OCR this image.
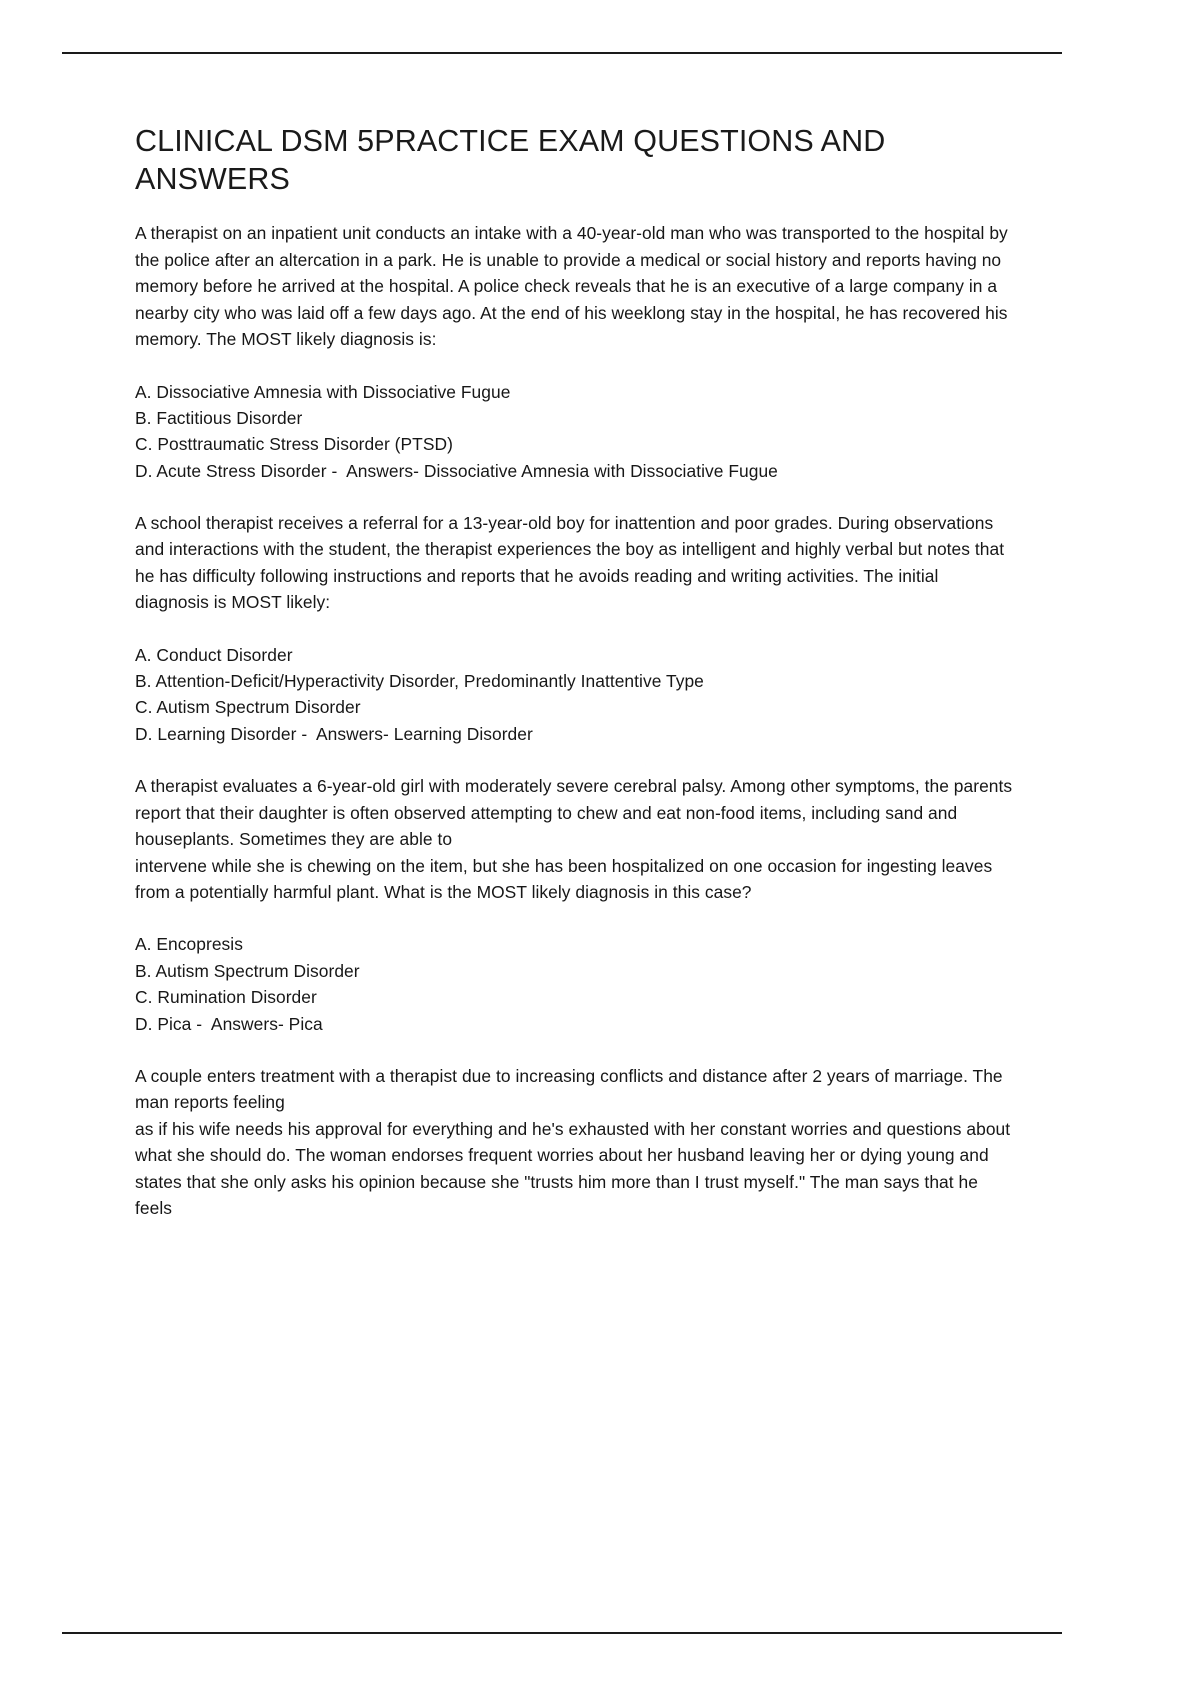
CLINICAL DSM 5PRACTICE EXAM QUESTIONS AND ANSWERS

A therapist on an inpatient unit conducts an intake with a 40-year-old man who was transported to the hospital by the police after an altercation in a park. He is unable to provide a medical or social history and reports having no memory before he arrived at the hospital. A police check reveals that he is an executive of a large company in a nearby city who was laid off a few days ago. At the end of his weeklong stay in the hospital, he has recovered his memory. The MOST likely diagnosis is:

A. Dissociative Amnesia with Dissociative Fugue
B. Factitious Disorder
C. Posttraumatic Stress Disorder (PTSD)
D. Acute Stress Disorder -  Answers- Dissociative Amnesia with Dissociative Fugue

A school therapist receives a referral for a 13-year-old boy for inattention and poor grades. During observations and interactions with the student, the therapist experiences the boy as intelligent and highly verbal but notes that he has difficulty following instructions and reports that he avoids reading and writing activities. The initial diagnosis is MOST likely:

A. Conduct Disorder
B. Attention-Deficit/Hyperactivity Disorder, Predominantly Inattentive Type
C. Autism Spectrum Disorder
D. Learning Disorder -  Answers- Learning Disorder

A therapist evaluates a 6-year-old girl with moderately severe cerebral palsy. Among other symptoms, the parents report that their daughter is often observed attempting to chew and eat non-food items, including sand and houseplants. Sometimes they are able to

intervene while she is chewing on the item, but she has been hospitalized on one occasion for ingesting leaves from a potentially harmful plant. What is the MOST likely diagnosis in this case?

A. Encopresis
B. Autism Spectrum Disorder
C. Rumination Disorder
D. Pica -  Answers- Pica

A couple enters treatment with a therapist due to increasing conflicts and distance after 2 years of marriage. The man reports feeling

as if his wife needs his approval for everything and he's exhausted with her constant worries and questions about what she should do. The woman endorses frequent worries about her husband leaving her or dying young and states that she only asks his opinion because she "trusts him more than I trust myself." The man says that he feels
